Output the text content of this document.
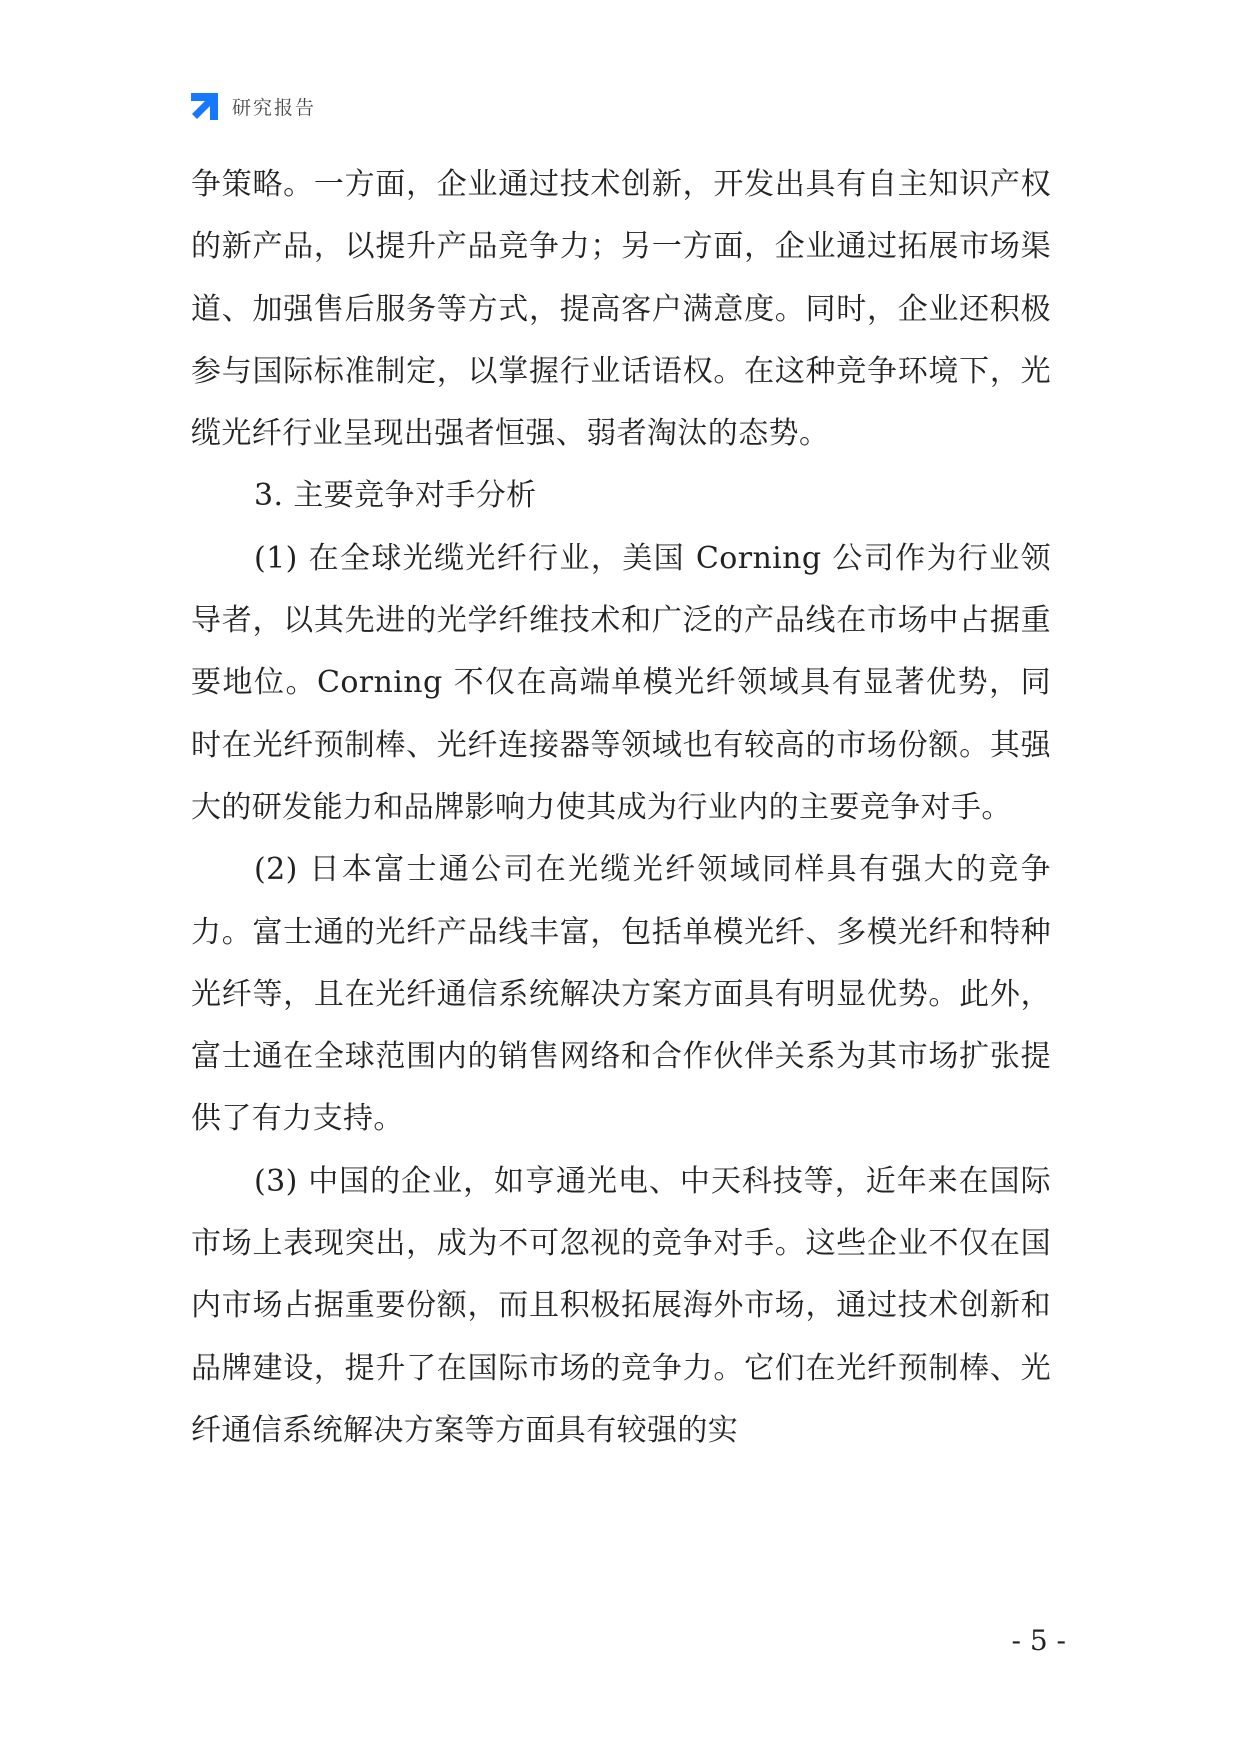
研究报告

争策略。一方面，企业通过技术创新，开发出具有自主知识产权的新产品，以提升产品竞争力；另一方面，企业通过拓展市场渠道、加强售后服务等方式，提高客户满意度。同时，企业还积极参与国际标准制定，以掌握行业话语权。在这种竞争环境下，光缆光纤行业呈现出强者恒强、弱者淘汰的态势。

3. 主要竞争对手分析

(1) 在全球光缆光纤行业，美国 Corning 公司作为行业领导者，以其先进的光学纤维技术和广泛的产品线在市场中占据重要地位。Corning 不仅在高端单模光纤领域具有显著优势，同时在光纤预制棒、光纤连接器等领域也有较高的市场份额。其强大的研发能力和品牌影响力使其成为行业内的主要竞争对手。

(2) 日本富士通公司在光缆光纤领域同样具有强大的竞争力。富士通的光纤产品线丰富，包括单模光纤、多模光纤和特种光纤等，且在光纤通信系统解决方案方面具有明显优势。此外，富士通在全球范围内的销售网络和合作伙伴关系为其市场扩张提供了有力支持。

(3) 中国的企业，如亨通光电、中天科技等，近年来在国际市场上表现突出，成为不可忽视的竞争对手。这些企业不仅在国内市场占据重要份额，而且积极拓展海外市场，通过技术创新和品牌建设，提升了在国际市场的竞争力。它们在光纤预制棒、光纤通信系统解决方案等方面具有较强的实

- 5 -
